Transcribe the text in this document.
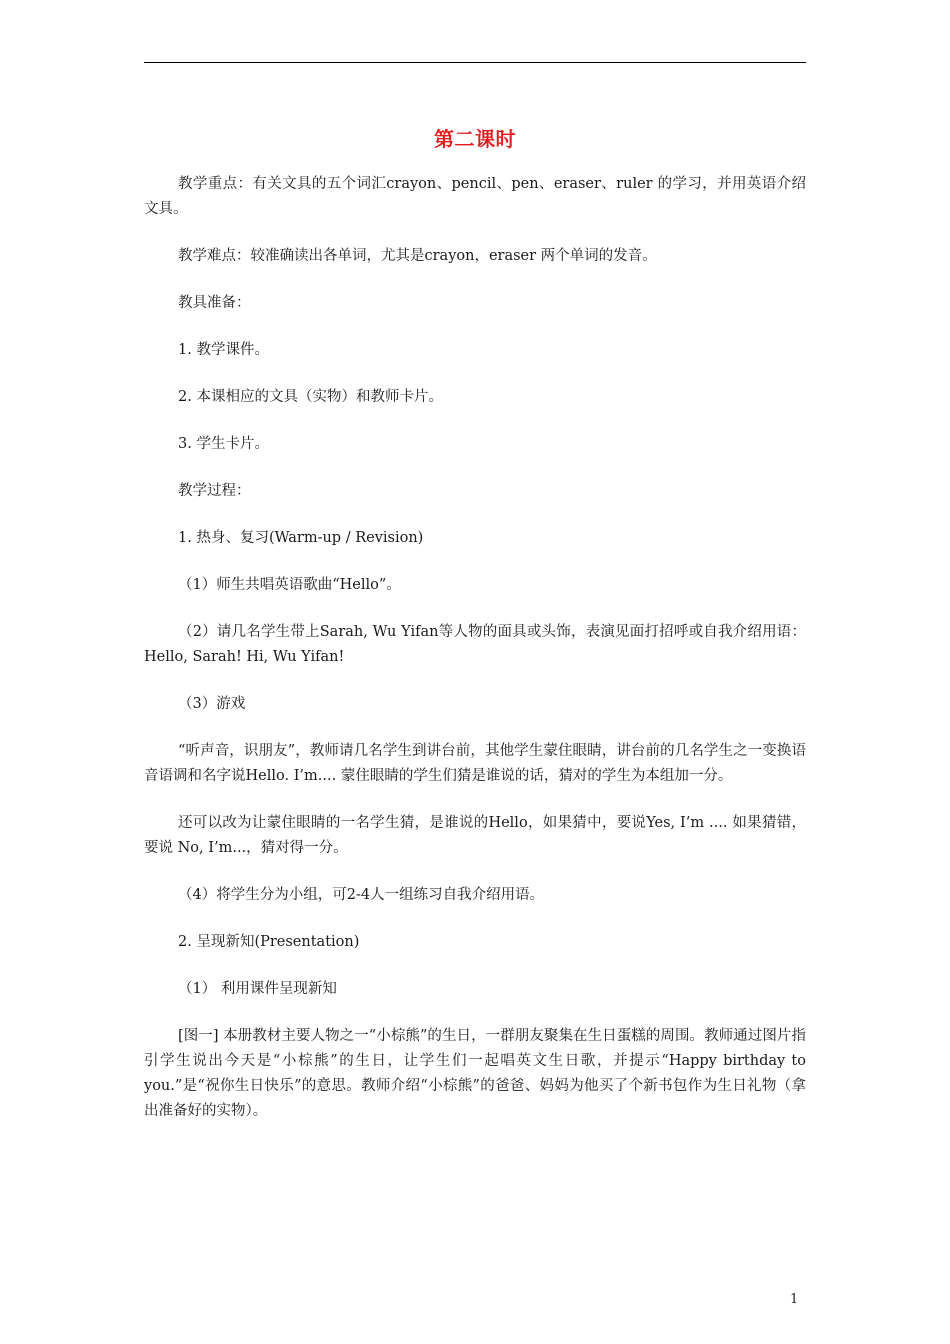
第二课时

教学重点：有关文具的五个词汇crayon、pencil、pen、eraser、ruler 的学习，并用英语介绍文具。

教学难点：较准确读出各单词，尤其是crayon，eraser 两个单词的发音。

教具准备：

1. 教学课件。

2. 本课相应的文具（实物）和教师卡片。

3. 学生卡片。

教学过程：

1. 热身、复习(Warm-up / Revision)

（1）师生共唱英语歌曲“Hello”。

（2）请几名学生带上Sarah, Wu Yifan等人物的面具或头饰，表演见面打招呼或自我介绍用语：Hello, Sarah! Hi, Wu Yifan!

（3）游戏

“听声音，识朋友”，教师请几名学生到讲台前，其他学生蒙住眼睛，讲台前的几名学生之一变换语音语调和名字说Hello. I’m.... 蒙住眼睛的学生们猜是谁说的话，猜对的学生为本组加一分。

还可以改为让蒙住眼睛的一名学生猜，是谁说的Hello，如果猜中，要说Yes, I’m .... 如果猜错，要说 No, I’m...，猜对得一分。

（4）将学生分为小组，可2-4人一组练习自我介绍用语。

2. 呈现新知(Presentation)

（1） 利用课件呈现新知

[图一] 本册教材主要人物之一“小棕熊”的生日，一群朋友聚集在生日蛋糕的周围。教师通过图片指引学生说出今天是“小棕熊”的生日，让学生们一起唱英文生日歌，并提示“Happy birthday to you.”是“祝你生日快乐”的意思。教师介绍“小棕熊”的爸爸、妈妈为他买了个新书包作为生日礼物（拿出准备好的实物）。

1
